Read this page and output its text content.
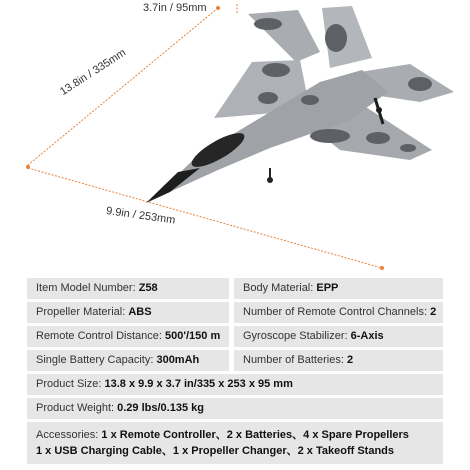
3.7in / 95mm
13.8in / 335mm
9.9in / 253mm
Item Model Number: Z58	Body Material: EPP
Propeller Material: ABS	Number of Remote Control Channels: 2
Remote Control Distance: 500'/150 m	Gyroscope Stabilizer: 6-Axis
Single Battery Capacity: 300mAh	Number of Batteries: 2
Product Size: 13.8 x 9.9 x 3.7 in/335 x 253 x 95 mm
Product Weight: 0.29 lbs/0.135 kg
Accessories: 1 x Remote Controller、2 x Batteries、4 x Spare Propellers
1 x USB Charging Cable、1 x Propeller Changer、2 x Takeoff Stands
